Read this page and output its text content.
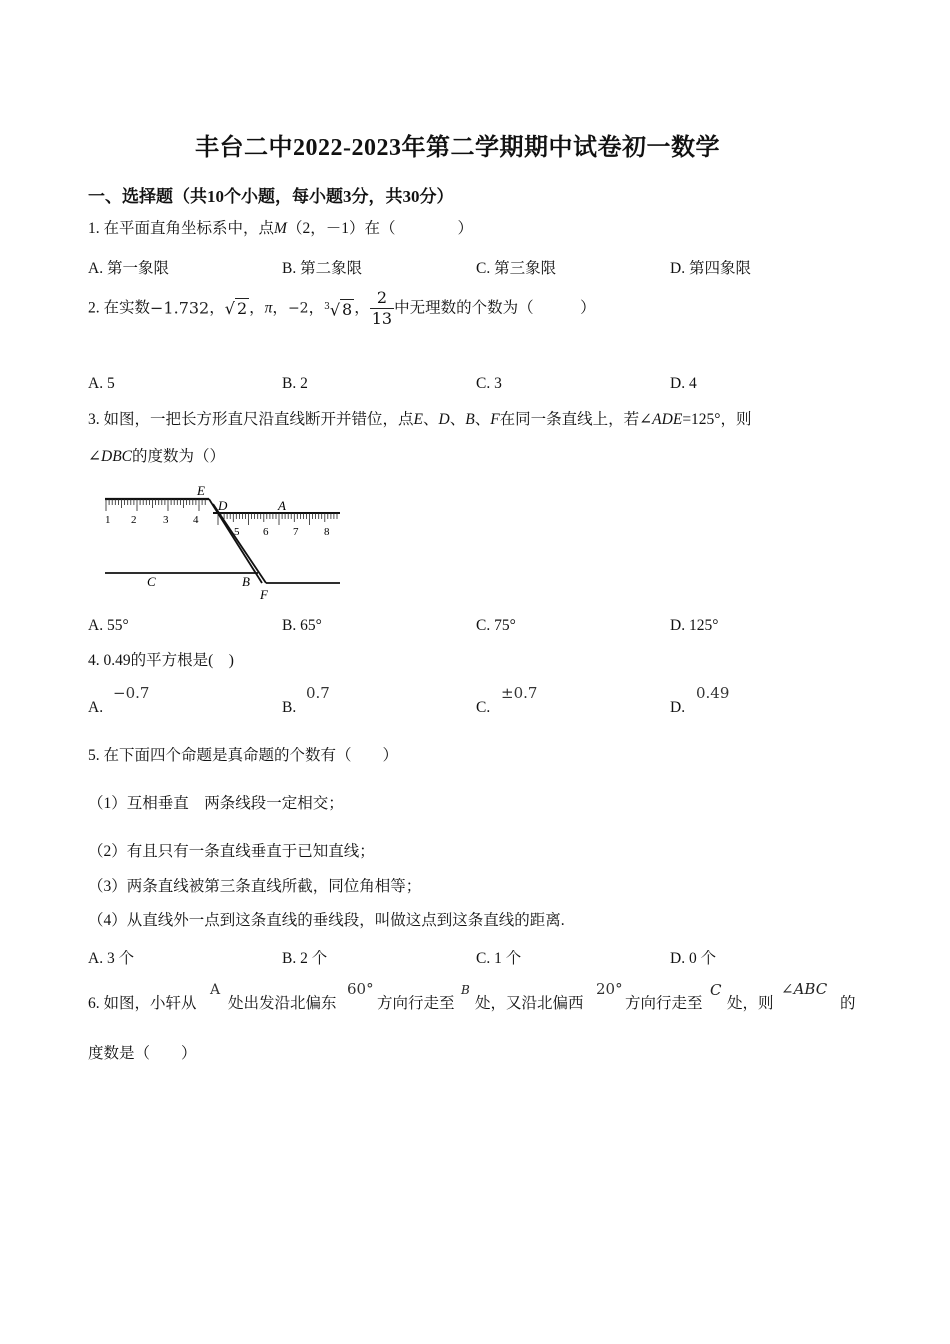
丰台二中2022-2023年第二学期期中试卷初一数学
一、选择题（共10个小题，每小题3分，共30分）
1. 在平面直角坐标系中，点M（2，－1）在（　　　　）
A. 第一象限	B. 第二象限	C. 第三象限	D. 第四象限
2. 在实数−1.732，√ 2 ，π，−2，$^3$√ 8 ， $\frac{2}{13}$ 中无理数的个数为（　　　）
A. 5	B. 2	C. 3	D. 4
3. 如图，一把长方形直尺沿直线断开并错位，点E、D、B、F在同一条直线上，若∠ADE=125°，则
∠DBC的度数为（）
E
D	A
C	B
F
1 2 3 4
5 6 7 8
A. 55°	B. 65°	C. 75°	D. 125°
4. 0.49的平方根是(　)
A.
−0.7
B.
0.7
C.
±0.7
D.
0.49
5. 在下面四个命题是真命题的个数有（　　）
（1）互相垂直　两条线段一定相交；
（2）有且只有一条直线垂直于已知直线；
（3）两条直线被第三条直线所截，同位角相等；
（4）从直线外一点到这条直线的垂线段，叫做这点到这条直线的距离.
A. 3 个	B. 2 个	C. 1 个	D. 0 个
6. 如图，小轩从
A
处出发沿北偏东
60°
方向行走至
B
处，又沿北偏西
20°
方向行走至
C
处，则
∠ABC
的
度数是（　　）
